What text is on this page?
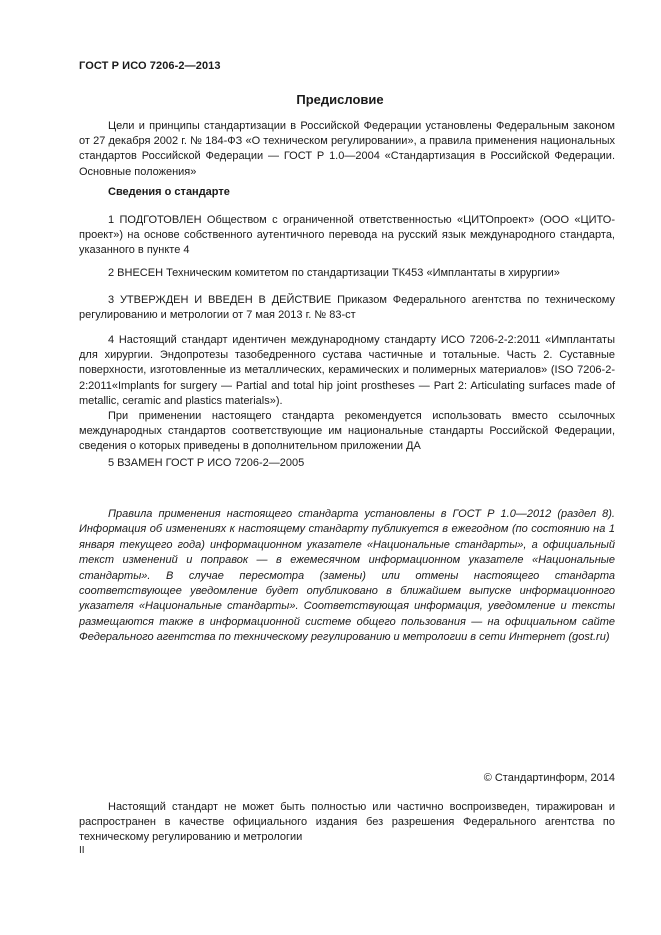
ГОСТ Р ИСО 7206-2—2013
Предисловие

Цели и принципы стандартизации в Российской Федерации установлены Федеральным законом от 27 декабря 2002 г. № 184-ФЗ «О техническом регулировании», а правила применения национальных стандартов Российской Федерации — ГОСТ Р 1.0—2004 «Стандартизация в Российской Федерации. Основные положения»

Сведения о стандарте

1 ПОДГОТОВЛЕН Обществом с ограниченной ответственностью «ЦИТОпроект» (ООО «ЦИТО-проект») на основе собственного аутентичного перевода на русский язык международного стандарта, указанного в пункте 4

2 ВНЕСЕН Техническим комитетом по стандартизации ТК453 «Имплантаты в хирургии»

3 УТВЕРЖДЕН И ВВЕДЕН В ДЕЙСТВИЕ Приказом Федерального агентства по техническому регулированию и метрологии от 7 мая 2013 г. № 83-ст

4 Настоящий стандарт идентичен международному стандарту ИСО 7206-2-2:2011 «Имплантаты для хирургии. Эндопротезы тазобедренного сустава частичные и тотальные. Часть 2. Суставные поверхности, изготовленные из металлических, керамических и полимерных материалов» (ISO 7206-2-2:2011«Implants for surgery — Partial and total hip joint prostheses — Part 2: Articulating surfaces made of metallic, ceramic and plastics materials»).

При применении настоящего стандарта рекомендуется использовать вместо ссылочных международных стандартов соответствующие им национальные стандарты Российской Федерации, сведения о которых приведены в дополнительном приложении ДА

5 ВЗАМЕН ГОСТ Р ИСО 7206-2—2005

Правила применения настоящего стандарта установлены в ГОСТ Р 1.0—2012 (раздел 8). Информация об изменениях к настоящему стандарту публикуется в ежегодном (по состоянию на 1 января текущего года) информационном указателе «Национальные стандарты», а официальный текст изменений и поправок — в ежемесячном информационном указателе «Национальные стандарты». В случае пересмотра (замены) или отмены настоящего стандарта соответствующее уведомление будет опубликовано в ближайшем выпуске информационного указателя «Национальные стандарты». Соответствующая информация, уведомление и тексты размещаются также в информационной системе общего пользования — на официальном сайте Федерального агентства по техническому регулированию и метрологии в сети Интернет (gost.ru)

© Стандартинформ, 2014

Настоящий стандарт не может быть полностью или частично воспроизведен, тиражирован и распространен в качестве официального издания без разрешения Федерального агентства по техническому регулированию и метрологии

II
